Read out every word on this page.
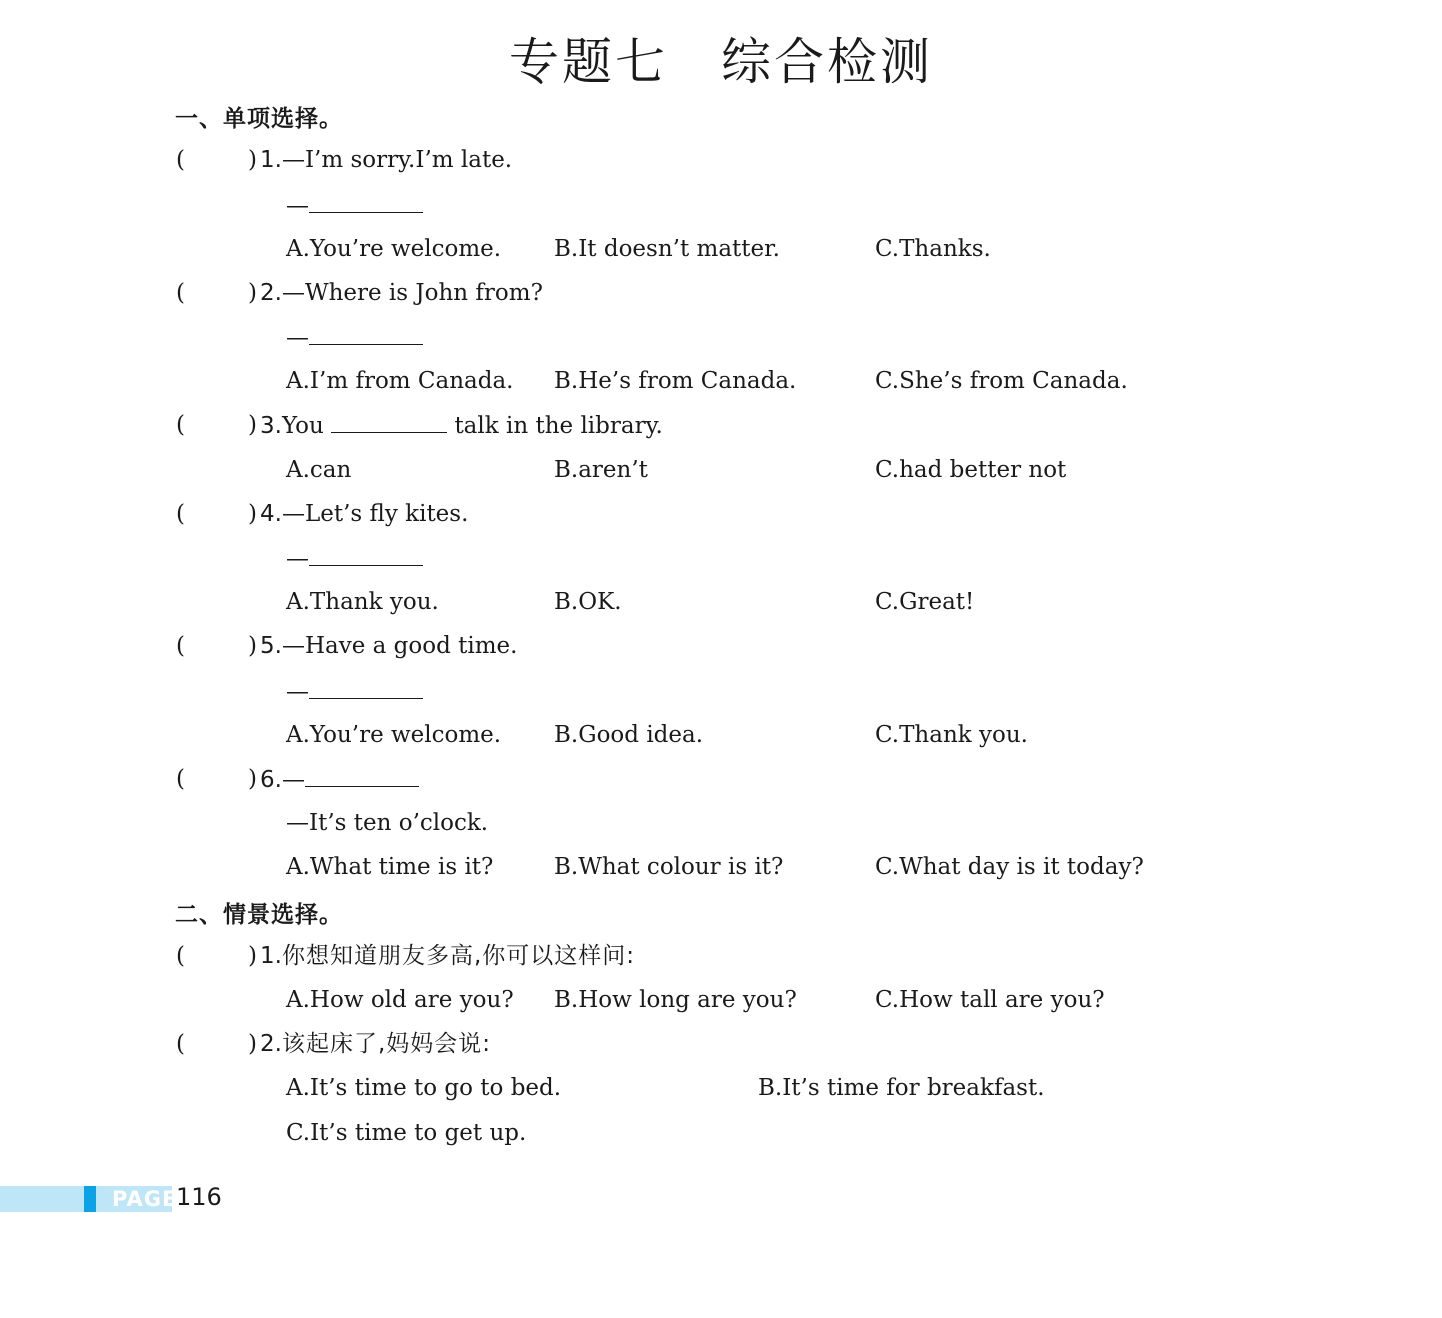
专题七　综合检测
一、单项选择。
(	) 1.—I’m sorry.I’m late.
—
A.You’re welcome. B.It doesn’t matter.	C.Thanks.
(	) 2.—Where is John from?
—
A.I’m from Canada. B.He’s from Canada.	C.She’s from Canada.
(	) 3.You	talk in the library.
A.can	B.aren’t	C.had better not
(	) 4.—Let’s fly kites.
—
A.Thank you.	B.OK.	C.Great!
(	) 5.—Have a good time.
—
A.You’re welcome. B.Good idea.	C.Thank you.
(	) 6.—
—It’s ten o’clock.
A.What time is it?	B.What colour is it?	C.What day is it today?
二、情景选择。
(	) 1.你想知道朋友多高,你可以这样问:
A.How old are you? B.How long are you?	C.How tall are you?
(	) 2.该起床了,妈妈会说:
A.It’s time to go to bed.	B.It’s time for breakfast.
C.It’s time to get up.
PAGE
116
